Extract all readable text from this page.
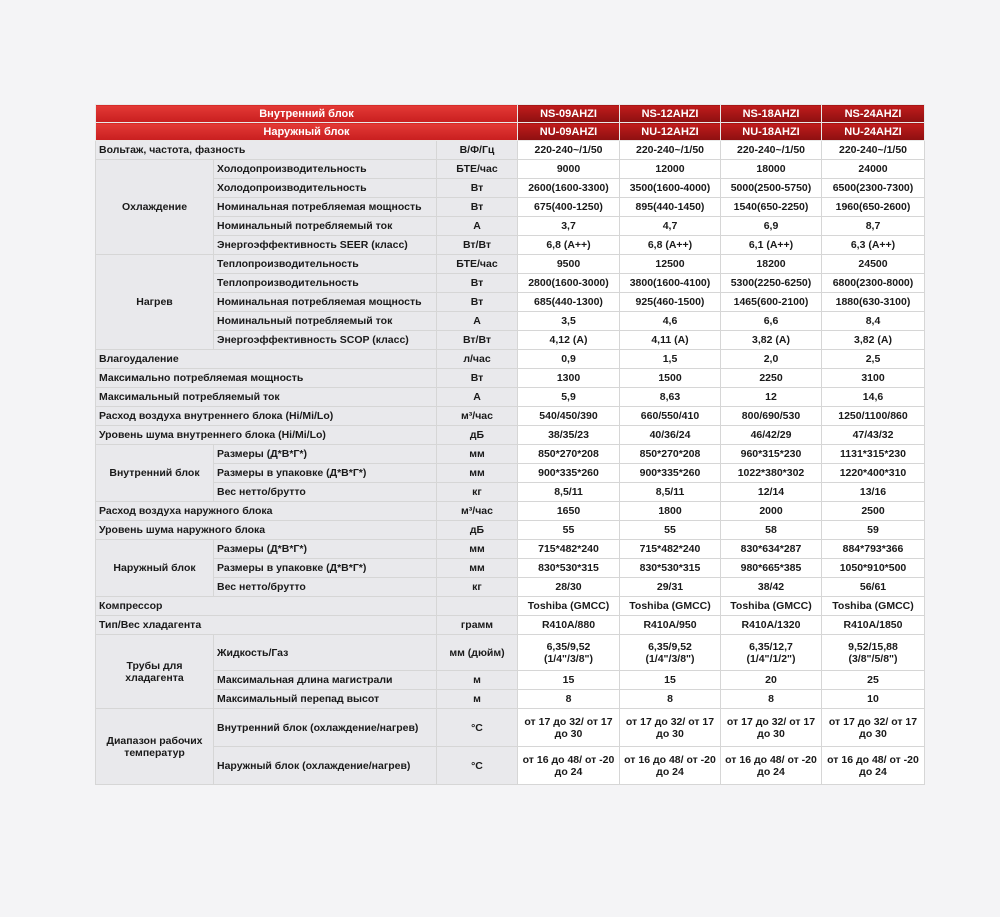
Внутренний блок			NS-09AHZI	NS-12AHZI	NS-18AHZI	NS-24AHZI
Наружный блок			NU-09AHZI	NU-12AHZI	NU-18AHZI	NU-24AHZI
Вольтаж, частота, фазность		В/Ф/Гц	220-240~/1/50	220-240~/1/50	220-240~/1/50	220-240~/1/50
Охлаждение	Холодопроизводительность	БТЕ/час	9000	12000	18000	24000
	Холодопроизводительность	Вт	2600(1600-3300)	3500(1600-4000)	5000(2500-5750)	6500(2300-7300)
	Номинальная потребляемая мощность	Вт	675(400-1250)	895(440-1450)	1540(650-2250)	1960(650-2600)
	Номинальный потребляемый ток	А	3,7	4,7	6,9	8,7
	Энергоэффективность SEER (класс)	Вт/Вт	6,8 (А++)	6,8 (А++)	6,1 (А++)	6,3 (А++)
Нагрев	Теплопроизводительность	БТЕ/час	9500	12500	18200	24500
	Теплопроизводительность	Вт	2800(1600-3000)	3800(1600-4100)	5300(2250-6250)	6800(2300-8000)
	Номинальная потребляемая мощность	Вт	685(440-1300)	925(460-1500)	1465(600-2100)	1880(630-3100)
	Номинальный потребляемый ток	А	3,5	4,6	6,6	8,4
	Энергоэффективность SCOP (класс)	Вт/Вт	4,12 (А)	4,11 (А)	3,82 (А)	3,82 (А)
Влагоудаление		л/час	0,9	1,5	2,0	2,5
Максимально потребляемая мощность		Вт	1300	1500	2250	3100
Максимальный потребляемый ток		А	5,9	8,63	12	14,6
Расход воздуха внутреннего блока (Hi/Mi/Lo)		м³/час	540/450/390	660/550/410	800/690/530	1250/1100/860
Уровень шума внутреннего блока (Hi/Mi/Lo)		дБ	38/35/23	40/36/24	46/42/29	47/43/32
Внутренний блок	Размеры (Д*В*Г*)	мм	850*270*208	850*270*208	960*315*230	1131*315*230
	Размеры в упаковке (Д*В*Г*)	мм	900*335*260	900*335*260	1022*380*302	1220*400*310
	Вес нетто/брутто	кг	8,5/11	8,5/11	12/14	13/16
Расход воздуха наружного блока		м³/час	1650	1800	2000	2500
Уровень шума наружного блока		дБ	55	55	58	59
Наружный блок	Размеры (Д*В*Г*)	мм	715*482*240	715*482*240	830*634*287	884*793*366
	Размеры в упаковке (Д*В*Г*)	мм	830*530*315	830*530*315	980*665*385	1050*910*500
	Вес нетто/брутто	кг	28/30	29/31	38/42	56/61
Компрессор			Toshiba (GMCC)	Toshiba (GMCC)	Toshiba (GMCC)	Toshiba (GMCC)
Тип/Вес хладагента		грамм	R410A/880	R410A/950	R410A/1320	R410A/1850
Трубы для хладагента	Жидкость/Газ	мм (дюйм)	6,35/9,52 (1/4"/3/8")	6,35/9,52 (1/4"/3/8")	6,35/12,7 (1/4"/1/2")	9,52/15,88 (3/8"/5/8")
	Максимальная длина магистрали	м	15	15	20	25
	Максимальный перепад высот	м	8	8	8	10
Диапазон рабочих температур	Внутренний блок (охлаждение/нагрев)	°С	от 17 до 32/ от 17 до 30	от 17 до 32/ от 17 до 30	от 17 до 32/ от 17 до 30	от 17 до 32/ от 17 до 30
	Наружный блок (охлаждение/нагрев)	°С	от 16 до 48/ от -20 до 24	от 16 до 48/ от -20 до 24	от 16 до 48/ от -20 до 24	от 16 до 48/ от -20 до 24
